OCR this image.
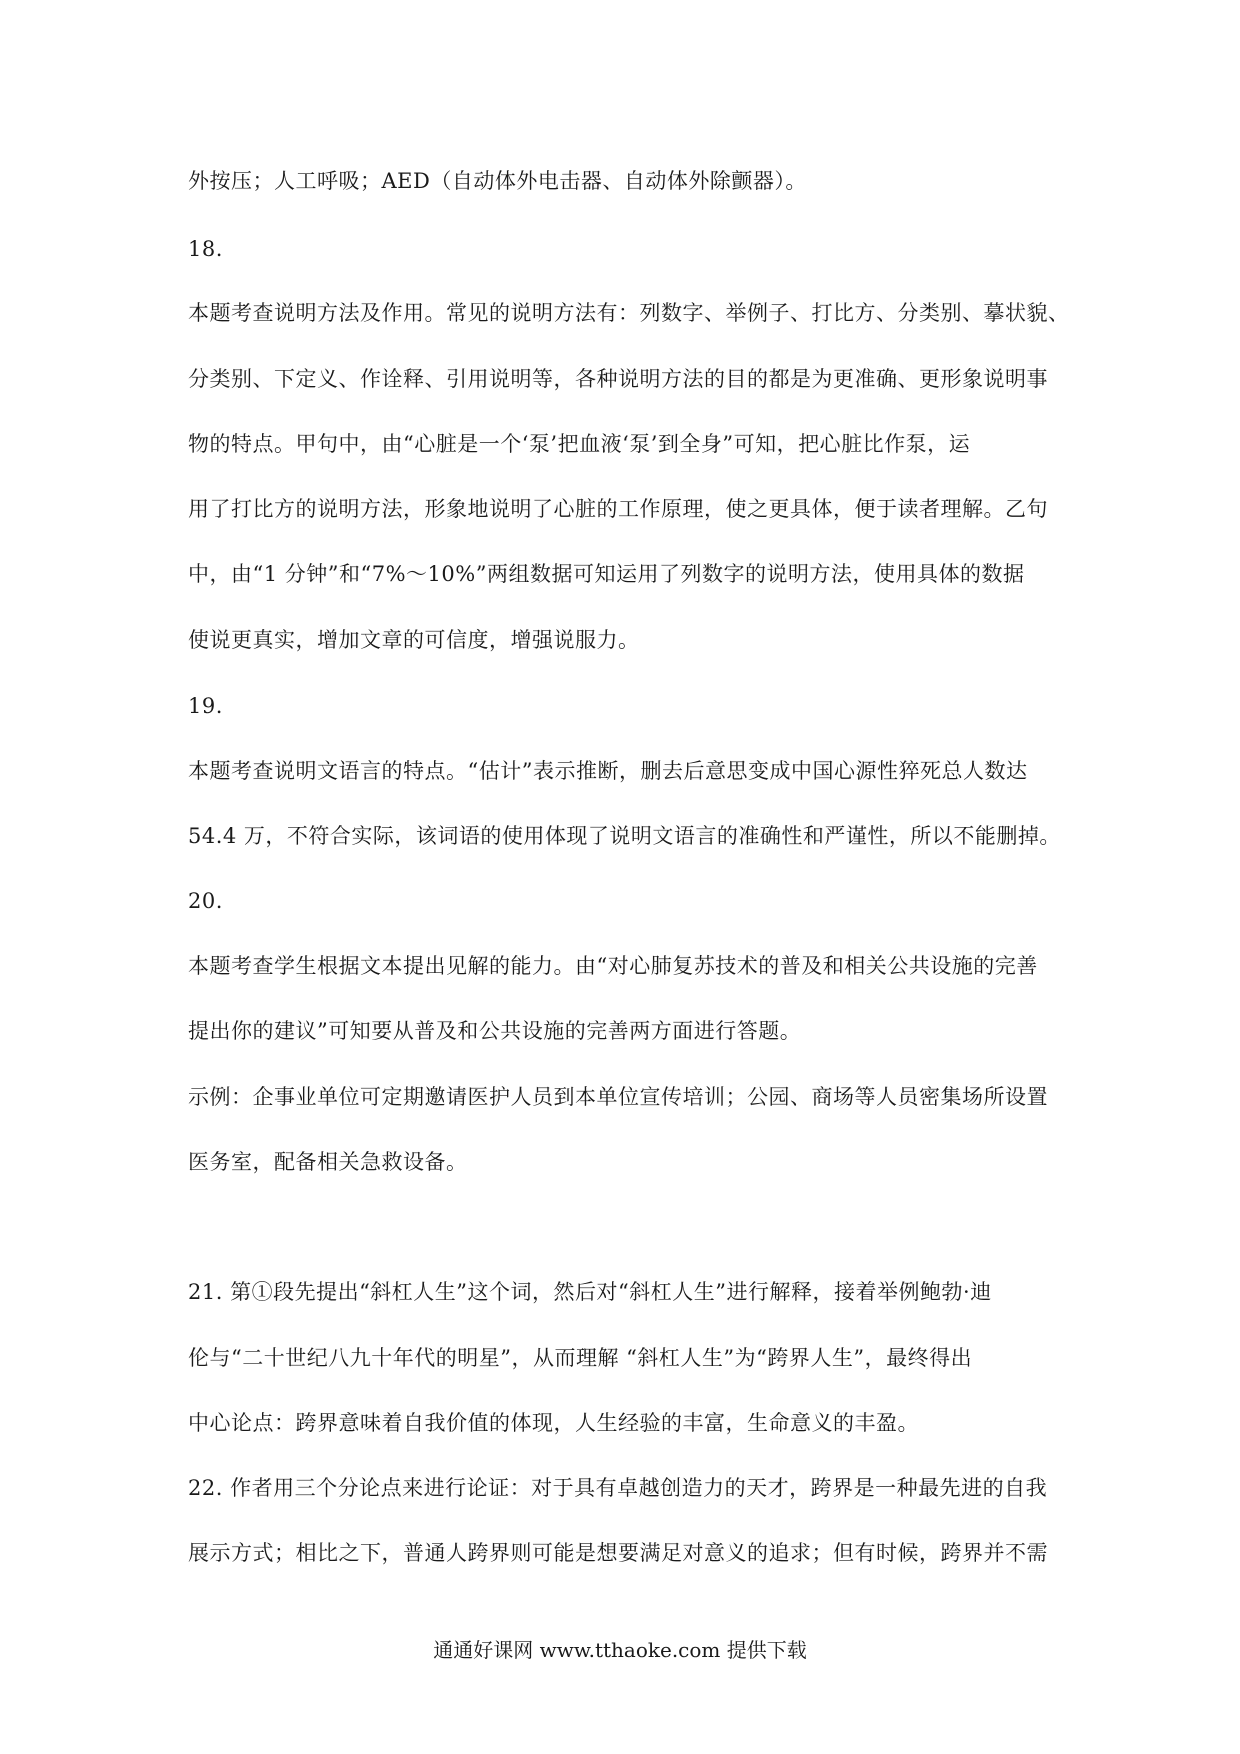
外按压；人工呼吸；AED（自动体外电击器、自动体外除颤器）。
18.
本题考查说明方法及作用。常见的说明方法有：列数字、举例子、打比方、分类别、摹状貌、
分类别、下定义、作诠释、引用说明等，各种说明方法的目的都是为更准确、更形象说明事
物的特点。甲句中，由“心脏是一个‘泵’把血液‘泵’到全身”可知，把心脏比作泵，运
用了打比方的说明方法，形象地说明了心脏的工作原理，使之更具体，便于读者理解。乙句
中，由“1 分钟”和“7%～10%”两组数据可知运用了列数字的说明方法，使用具体的数据
使说更真实，增加文章的可信度，增强说服力。
19.
本题考查说明文语言的特点。“估计”表示推断，删去后意思变成中国心源性猝死总人数达
54.4 万，不符合实际，该词语的使用体现了说明文语言的准确性和严谨性，所以不能删掉。
20.
本题考查学生根据文本提出见解的能力。由“对心肺复苏技术的普及和相关公共设施的完善
提出你的建议”可知要从普及和公共设施的完善两方面进行答题。
示例：企事业单位可定期邀请医护人员到本单位宣传培训；公园、商场等人员密集场所设置
医务室，配备相关急救设备。
21. 第①段先提出“斜杠人生”这个词，然后对“斜杠人生”进行解释，接着举例鲍勃·迪
伦与“二十世纪八九十年代的明星”，从而理解 “斜杠人生”为“跨界人生”，最终得出
中心论点：跨界意味着自我价值的体现，人生经验的丰富，生命意义的丰盈。
22. 作者用三个分论点来进行论证：对于具有卓越创造力的天才，跨界是一种最先进的自我
展示方式；相比之下，普通人跨界则可能是想要满足对意义的追求；但有时候，跨界并不需
通通好课网 www.tthaoke.com 提供下载
